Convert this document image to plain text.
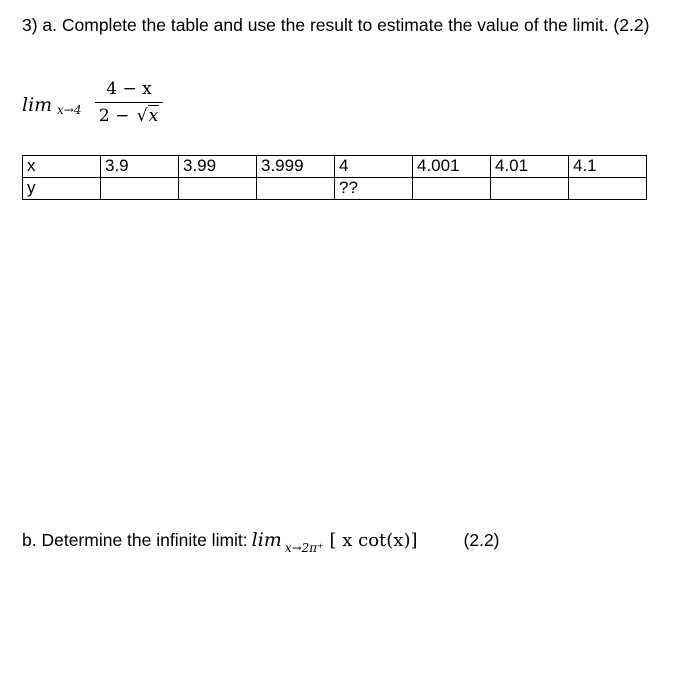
3) a. Complete the table and use the result to estimate the value of the limit. (2.2)

lim x→4
4 − x
2 − √x
x	3.9	3.99	3.999	4	4.001	4.01	4.1
y				??			

b. Determine the infinite limit: lim $_{x\to 2\pi^+}$ [ x cot(x)]	(2.2)
